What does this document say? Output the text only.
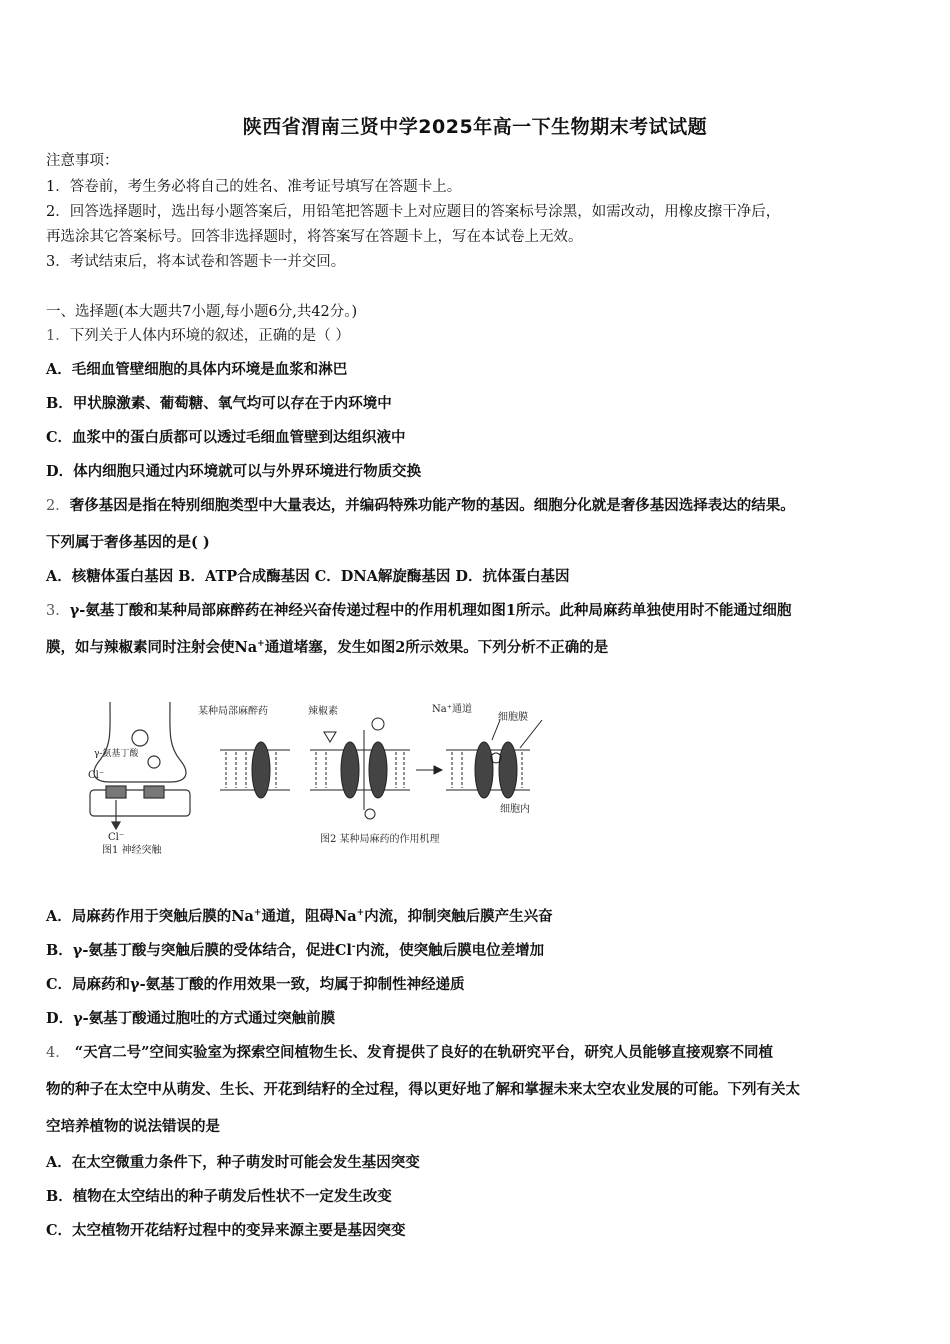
陕西省渭南三贤中学2025年高一下生物期末考试试题
注意事项：
1．答卷前，考生务必将自己的姓名、准考证号填写在答题卡上。
2．回答选择题时，选出每小题答案后，用铅笔把答题卡上对应题目的答案标号涂黑，如需改动，用橡皮擦干净后，
再选涂其它答案标号。回答非选择题时，将答案写在答题卡上，写在本试卷上无效。
3．考试结束后，将本试卷和答题卡一并交回。
一、选择题(本大题共7小题,每小题6分,共42分。)
1．下列关于人体内环境的叙述，正确的是（ ）
A．毛细血管壁细胞的具体内环境是血浆和淋巴
B．甲状腺激素、葡萄糖、氧气均可以存在于内环境中
C．血浆中的蛋白质都可以透过毛细血管壁到达组织液中
D．体内细胞只通过内环境就可以与外界环境进行物质交换
2．奢侈基因是指在特别细胞类型中大量表达，并编码特殊功能产物的基因。细胞分化就是奢侈基因选择表达的结果。
下列属于奢侈基因的是( )
A．核糖体蛋白基因 B．ATP合成酶基因 C．DNA解旋酶基因 D．抗体蛋白基因
3．γ-氨基丁酸和某种局部麻醉药在神经兴奋传递过程中的作用机理如图1所示。此种局麻药单独使用时不能通过细胞
膜，如与辣椒素同时注射会使Na+通道堵塞，发生如图2所示效果。下列分析不正确的是
γ-氨基丁酸
Cl⁻
Cl⁻
图1 神经突触
某种局部麻醉药	辣椒素	Na⁺通道
细胞膜
细胞内
图2 某种局麻药的作用机理
A．局麻药作用于突触后膜的Na+通道，阻碍Na+内流，抑制突触后膜产生兴奋
B．γ-氨基丁酸与突触后膜的受体结合，促进Cl-内流，使突触后膜电位差增加
C．局麻药和γ-氨基丁酸的作用效果一致，均属于抑制性神经递质
D．γ-氨基丁酸通过胞吐的方式通过突触前膜
4． “天宫二号”空间实验室为探索空间植物生长、发育提供了良好的在轨研究平台，研究人员能够直接观察不同植
物的种子在太空中从萌发、生长、开花到结籽的全过程，得以更好地了解和掌握未来太空农业发展的可能。下列有关太
空培养植物的说法错误的是
A．在太空微重力条件下，种子萌发时可能会发生基因突变
B．植物在太空结出的种子萌发后性状不一定发生改变
C．太空植物开花结籽过程中的变异来源主要是基因突变
